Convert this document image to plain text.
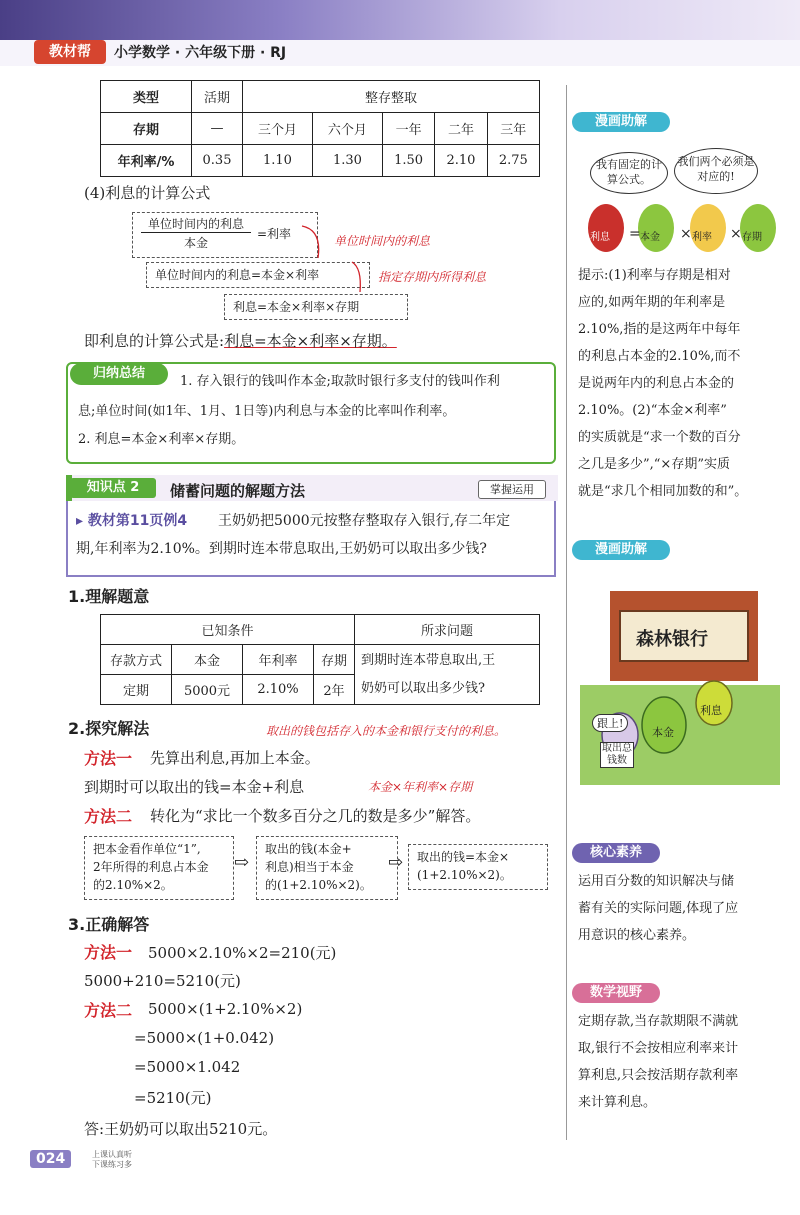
教材帮	小学数学 · 六年级下册 · RJ
类型	活期	整存整取				
存期	—	三个月	六个月	一年	二年	三年
年利率/%	0.35	1.10	1.30	1.50	2.10	2.75
(4)利息的计算公式
单位时间内的利息
本金
=利率	单位时间内的利息
单位时间内的利息=本金×利率	指定存期内所得利息
利息=本金×利率×存期
即利息的计算公式是:利息=本金×利率×存期。
归纳总结
1. 存入银行的钱叫作本金;取款时银行多支付的钱叫作利
息;单位时间(如1年、1月、1日等)内利息与本金的比率叫作利率。
2. 利息=本金×利率×存期。
知识点 2	储蓄问题的解题方法	掌握运用
▸ 教材第11页例4 王奶奶把5000元按整存整取存入银行,存二年定
期,年利率为2.10%。到期时连本带息取出,王奶奶可以取出多少钱?
1.理解题意
已知条件				所求问题
存款方式	本金	年利率	存期	到期时连本带息取出,王
奶奶可以取出多少钱?

定期	5000元	2.10%	2年	
2.探究解法	取出的钱包括存入的本金和银行支付的利息。
方法一 先算出利息,再加上本金。
到期时可以取出的钱=本金+利息	本金×年利率×存期
方法二 转化为“求比一个数多百分之几的数是多少”解答。
把本金看作单位“1”,
2年所得的利息占本金
的2.10%×2。
⇨
取出的钱(本金+
利息)相当于本金
的(1+2.10%×2)。
⇨ 取出的钱=本金×
(1+2.10%×2)。
3.正确解答
方法一 5000×2.10%×2=210(元)
5000+210=5210(元)
方法二 5000×(1+2.10%×2)
=5000×(1+0.042)
=5000×1.042
=5210(元)
答:王奶奶可以取出5210元。
漫画助解
我有固定的计算公式。
我们两个必须是对应的!
=	×	×
利息	本金	利率	存期
提示:(1)利率与存期是相对
应的,如两年期的年利率是
2.10%,指的是这两年中每年
的利息占本金的2.10%,而不
是说两年内的利息占本金的
2.10%。(2)“本金×利率”
的实质就是“求一个数的百分
之几是多少”,“×存期”实质
就是“求几个相同加数的和”。
漫画助解
森林银行
跟上!
利息
本金
取出总钱数
核心素养
运用百分数的知识解决与储
蓄有关的实际问题,体现了应
用意识的核心素养。
数学视野
定期存款,当存款期限不满就
取,银行不会按相应利率来计
算利息,只会按活期存款利率
来计算利息。
024	上课认真听 下课练习多
